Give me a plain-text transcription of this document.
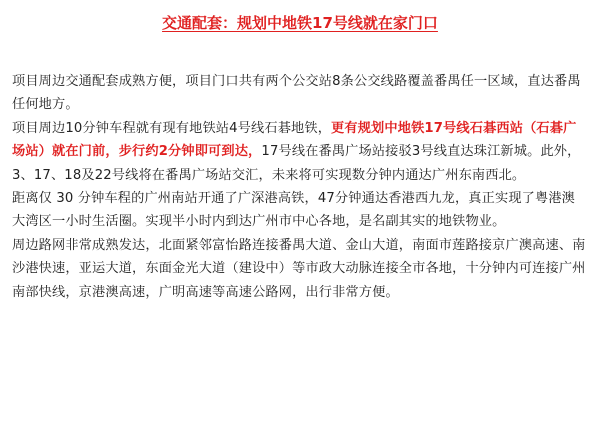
交通配套：规划中地铁17号线就在家门口

项目周边交通配套成熟方便，项目门口共有两个公交站8条公交线路覆盖番禺任一区域，直达番禺任何地方。

项目周边10分钟车程就有现有地铁站4号线石碁地铁，更有规划中地铁17号线石碁西站（石碁广场站）就在门前，步行约2分钟即可到达，17号线在番禺广场站接驳3号线直达珠江新城。此外，3、17、18及22号线将在番禺广场站交汇，未来将可实现数分钟内通达广州东南西北。

距离仅 30 分钟车程的广州南站开通了广深港高铁，47分钟通达香港西九龙，真正实现了粤港澳大湾区一小时生活圈。实现半小时内到达广州市中心各地，是名副其实的地铁物业。

周边路网非常成熟发达，北面紧邻富怡路连接番禺大道、金山大道，南面市莲路接京广澳高速、南沙港快速，亚运大道，东面金光大道（建设中）等市政大动脉连接全市各地，十分钟内可连接广州南部快线，京港澳高速，广明高速等高速公路网，出行非常方便。
